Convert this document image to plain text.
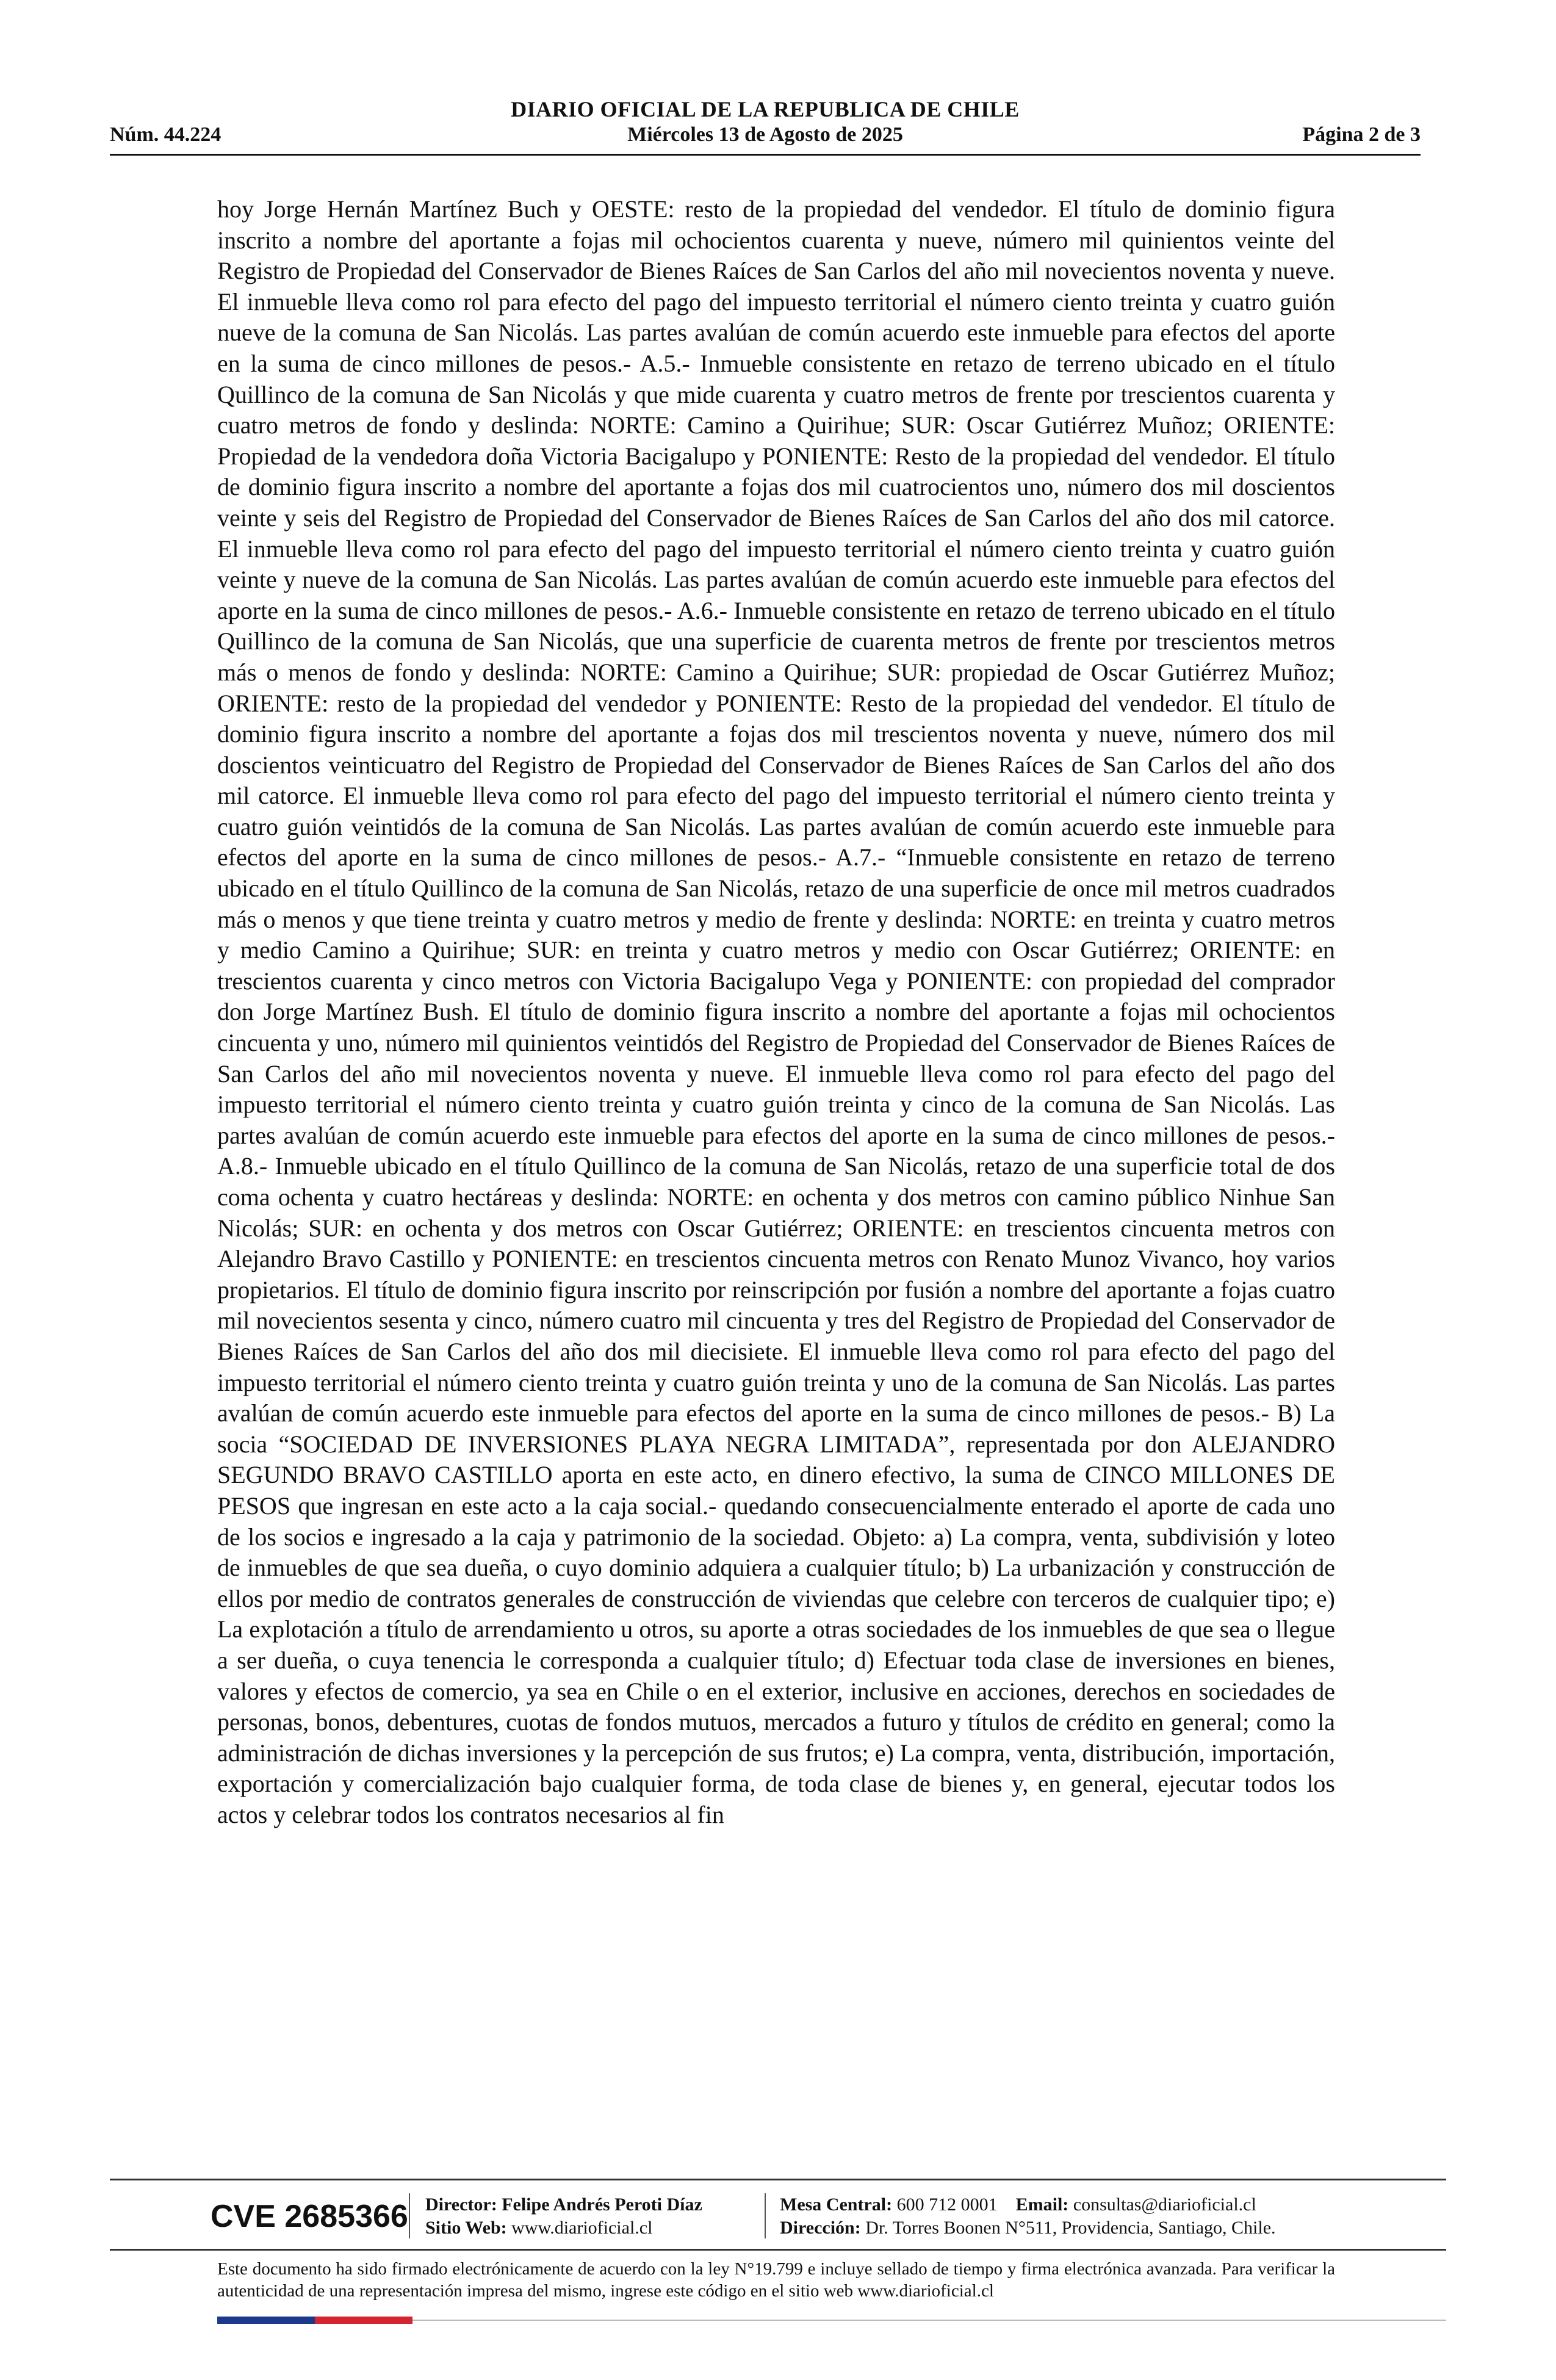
DIARIO OFICIAL DE LA REPUBLICA DE CHILE
Núm. 44.224	Miércoles 13 de Agosto de 2025	Página 2 de 3

hoy Jorge Hernán Martínez Buch y OESTE: resto de la propiedad del vendedor. El título de dominio figura inscrito a nombre del aportante a fojas mil ochocientos cuarenta y nueve, número mil quinientos veinte del Registro de Propiedad del Conservador de Bienes Raíces de San Carlos del año mil novecientos noventa y nueve. El inmueble lleva como rol para efecto del pago del impuesto territorial el número ciento treinta y cuatro guión nueve de la comuna de San Nicolás. Las partes avalúan de común acuerdo este inmueble para efectos del aporte en la suma de cinco millones de pesos.- A.5.- Inmueble consistente en retazo de terreno ubicado en el título Quillinco de la comuna de San Nicolás y que mide cuarenta y cuatro metros de frente por trescientos cuarenta y cuatro metros de fondo y deslinda: NORTE: Camino a Quirihue; SUR: Oscar Gutiérrez Muñoz; ORIENTE: Propiedad de la vendedora doña Victoria Bacigalupo y PONIENTE: Resto de la propiedad del vendedor. El título de dominio figura inscrito a nombre del aportante a fojas dos mil cuatrocientos uno, número dos mil doscientos veinte y seis del Registro de Propiedad del Conservador de Bienes Raíces de San Carlos del año dos mil catorce. El inmueble lleva como rol para efecto del pago del impuesto territorial el número ciento treinta y cuatro guión veinte y nueve de la comuna de San Nicolás. Las partes avalúan de común acuerdo este inmueble para efectos del aporte en la suma de cinco millones de pesos.- A.6.- Inmueble consistente en retazo de terreno ubicado en el título Quillinco de la comuna de San Nicolás, que una superficie de cuarenta metros de frente por trescientos metros más o menos de fondo y deslinda: NORTE: Camino a Quirihue; SUR: propiedad de Oscar Gutiérrez Muñoz; ORIENTE: resto de la propiedad del vendedor y PONIENTE: Resto de la propiedad del vendedor. El título de dominio figura inscrito a nombre del aportante a fojas dos mil trescientos noventa y nueve, número dos mil doscientos veinticuatro del Registro de Propiedad del Conservador de Bienes Raíces de San Carlos del año dos mil catorce. El inmueble lleva como rol para efecto del pago del impuesto territorial el número ciento treinta y cuatro guión veintidós de la comuna de San Nicolás. Las partes avalúan de común acuerdo este inmueble para efectos del aporte en la suma de cinco millones de pesos.- A.7.- “Inmueble consistente en retazo de terreno ubicado en el título Quillinco de la comuna de San Nicolás, retazo de una superficie de once mil metros cuadrados más o menos y que tiene treinta y cuatro metros y medio de frente y deslinda: NORTE: en treinta y cuatro metros y medio Camino a Quirihue; SUR: en treinta y cuatro metros y medio con Oscar Gutiérrez; ORIENTE: en trescientos cuarenta y cinco metros con Victoria Bacigalupo Vega y PONIENTE: con propiedad del comprador don Jorge Martínez Bush. El título de dominio figura inscrito a nombre del aportante a fojas mil ochocientos cincuenta y uno, número mil quinientos veintidós del Registro de Propiedad del Conservador de Bienes Raíces de San Carlos del año mil novecientos noventa y nueve. El inmueble lleva como rol para efecto del pago del impuesto territorial el número ciento treinta y cuatro guión treinta y cinco de la comuna de San Nicolás. Las partes avalúan de común acuerdo este inmueble para efectos del aporte en la suma de cinco millones de pesos.-A.8.- Inmueble ubicado en el título Quillinco de la comuna de San Nicolás, retazo de una superficie total de dos coma ochenta y cuatro hectáreas y deslinda: NORTE: en ochenta y dos metros con camino público Ninhue San Nicolás; SUR: en ochenta y dos metros con Oscar Gutiérrez; ORIENTE: en trescientos cincuenta metros con Alejandro Bravo Castillo y PONIENTE: en trescientos cincuenta metros con Renato Munoz Vivanco, hoy varios propietarios. El título de dominio figura inscrito por reinscripción por fusión a nombre del aportante a fojas cuatro mil novecientos sesenta y cinco, número cuatro mil cincuenta y tres del Registro de Propiedad del Conservador de Bienes Raíces de San Carlos del año dos mil diecisiete. El inmueble lleva como rol para efecto del pago del impuesto territorial el número ciento treinta y cuatro guión treinta y uno de la comuna de San Nicolás. Las partes avalúan de común acuerdo este inmueble para efectos del aporte en la suma de cinco millones de pesos.- B) La socia “SOCIEDAD DE INVERSIONES PLAYA NEGRA LIMITADA”, representada por don ALEJANDRO SEGUNDO BRAVO CASTILLO aporta en este acto, en dinero efectivo, la suma de CINCO MILLONES DE PESOS que ingresan en este acto a la caja social.- quedando consecuencialmente enterado el aporte de cada uno de los socios e ingresado a la caja y patrimonio de la sociedad. Objeto: a) La compra, venta, subdivisión y loteo de inmuebles de que sea dueña, o cuyo dominio adquiera a cualquier título; b) La urbanización y construcción de ellos por medio de contratos generales de construcción de viviendas que celebre con terceros de cualquier tipo; e) La explotación a título de arrendamiento u otros, su aporte a otras sociedades de los inmuebles de que sea o llegue a ser dueña, o cuya tenencia le corresponda a cualquier título; d) Efectuar toda clase de inversiones en bienes, valores y efectos de comercio, ya sea en Chile o en el exterior, inclusive en acciones, derechos en sociedades de personas, bonos, debentures, cuotas de fondos mutuos, mercados a futuro y títulos de crédito en general; como la administración de dichas inversiones y la percepción de sus frutos; e) La compra, venta, distribución, importación, exportación y comercialización bajo cualquier forma, de toda clase de bienes y, en general, ejecutar todos los actos y celebrar todos los contratos necesarios al fin

CVE 2685366 Director: Felipe Andrés Peroti Díaz
Sitio Web: www.diarioficial.cl
Mesa Central: 600 712 0001 Email: consultas@diarioficial.cl
Dirección: Dr. Torres Boonen N°511, Providencia, Santiago, Chile.
Este documento ha sido firmado electrónicamente de acuerdo con la ley N°19.799 e incluye sellado de tiempo y firma electrónica avanzada. Para verificar la autenticidad de una representación impresa del mismo, ingrese este código en el sitio web www.diarioficial.cl
